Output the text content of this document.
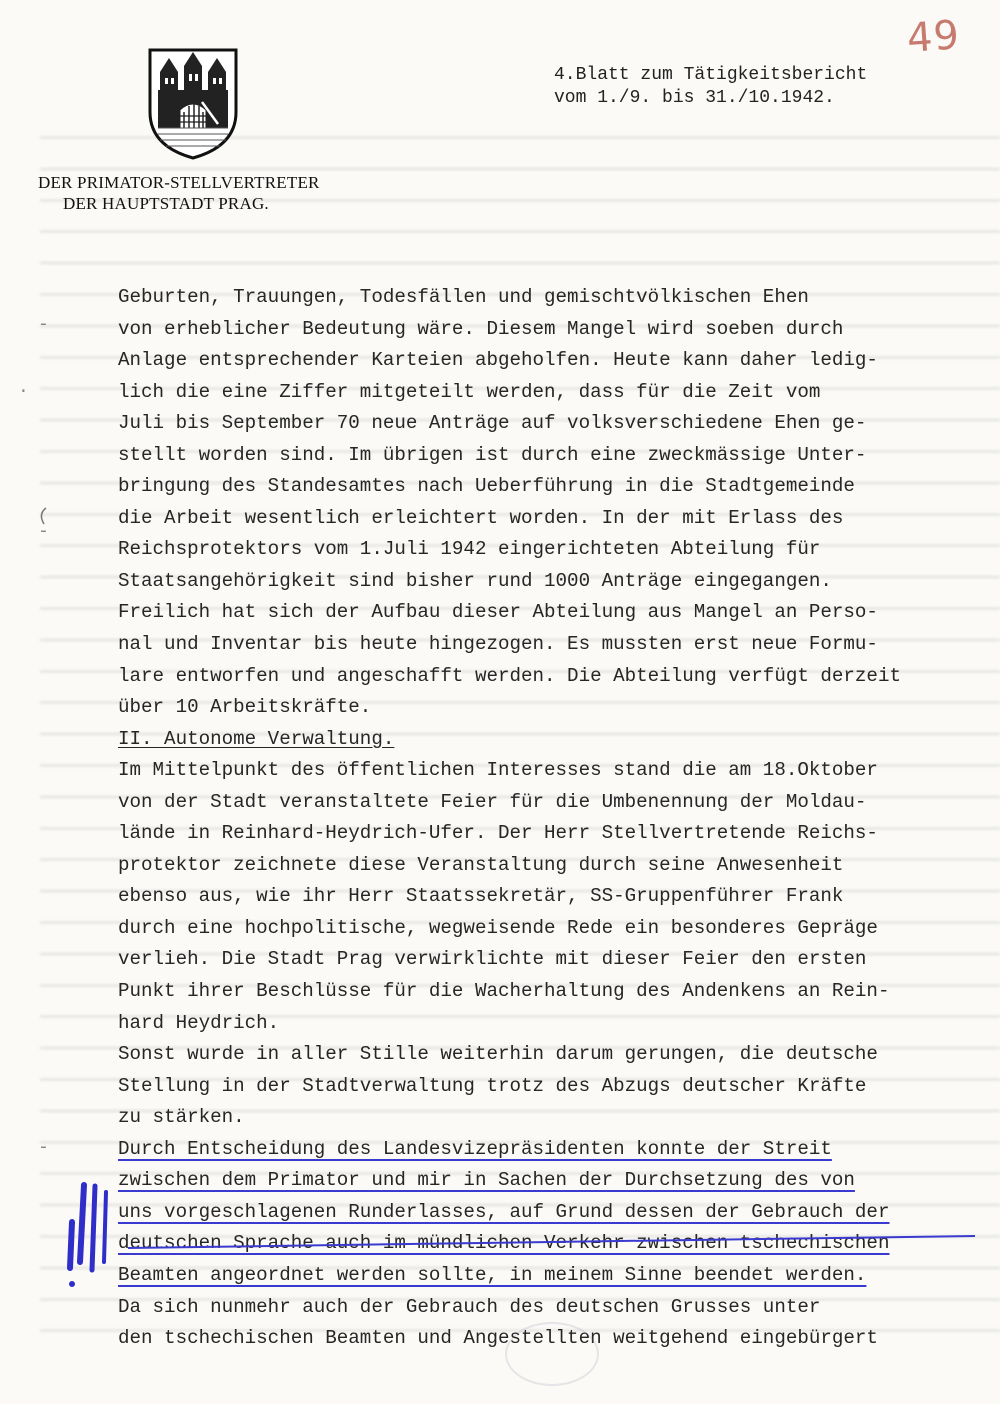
49
DER PRIMATOR-STELLVERTRETER
DER HAUPTSTADT PRAG.
4.Blatt zum Tätigkeitsbericht
vom 1./9. bis 31./10.1942.
Geburten, Trauungen, Todesfällen und gemischtvölkischen Ehen
von erheblicher Bedeutung wäre. Diesem Mangel wird soeben durch
Anlage entsprechender Karteien abgeholfen. Heute kann daher ledig-
lich die eine Ziffer mitgeteilt werden, dass für die Zeit vom
Juli bis September 70 neue Anträge auf volksverschiedene Ehen ge-
stellt worden sind. Im übrigen ist durch eine zweckmässige Unter-
bringung des Standesamtes nach Ueberführung in die Stadtgemeinde
die Arbeit wesentlich erleichtert worden. In der mit Erlass des
Reichsprotektors vom 1.Juli 1942 eingerichteten Abteilung für
Staatsangehörigkeit sind bisher rund 1000 Anträge eingegangen.
Freilich hat sich der Aufbau dieser Abteilung aus Mangel an Perso-
nal und Inventar bis heute hingezogen. Es mussten erst neue Formu-
lare entworfen und angeschafft werden. Die Abteilung verfügt derzeit
über 10 Arbeitskräfte.
II. Autonome Verwaltung.
Im Mittelpunkt des öffentlichen Interesses stand die am 18.Oktober
von der Stadt veranstaltete Feier für die Umbenennung der Moldau-
lände in Reinhard-Heydrich-Ufer. Der Herr Stellvertretende Reichs-
protektor zeichnete diese Veranstaltung durch seine Anwesenheit
ebenso aus, wie ihr Herr Staatssekretär, SS-Gruppenführer Frank
durch eine hochpolitische, wegweisende Rede ein besonderes Gepräge
verlieh. Die Stadt Prag verwirklichte mit dieser Feier den ersten
Punkt ihrer Beschlüsse für die Wacherhaltung des Andenkens an Rein-
hard Heydrich.
Sonst wurde in aller Stille weiterhin darum gerungen, die deutsche
Stellung in der Stadtverwaltung trotz des Abzugs deutscher Kräfte
zu stärken.
Durch Entscheidung des Landesvizepräsidenten konnte der Streit
zwischen dem Primator und mir in Sachen der Durchsetzung des von
uns vorgeschlagenen Runderlasses, auf Grund dessen der Gebrauch der
deutschen Sprache auch im mündlichen Verkehr zwischen tschechischen
Beamten angeordnet werden sollte, in meinem Sinne beendet werden.
Da sich nunmehr auch der Gebrauch des deutschen Grusses unter
den tschechischen Beamten und Angestellten weitgehend eingebürgert
-
-
-
.
